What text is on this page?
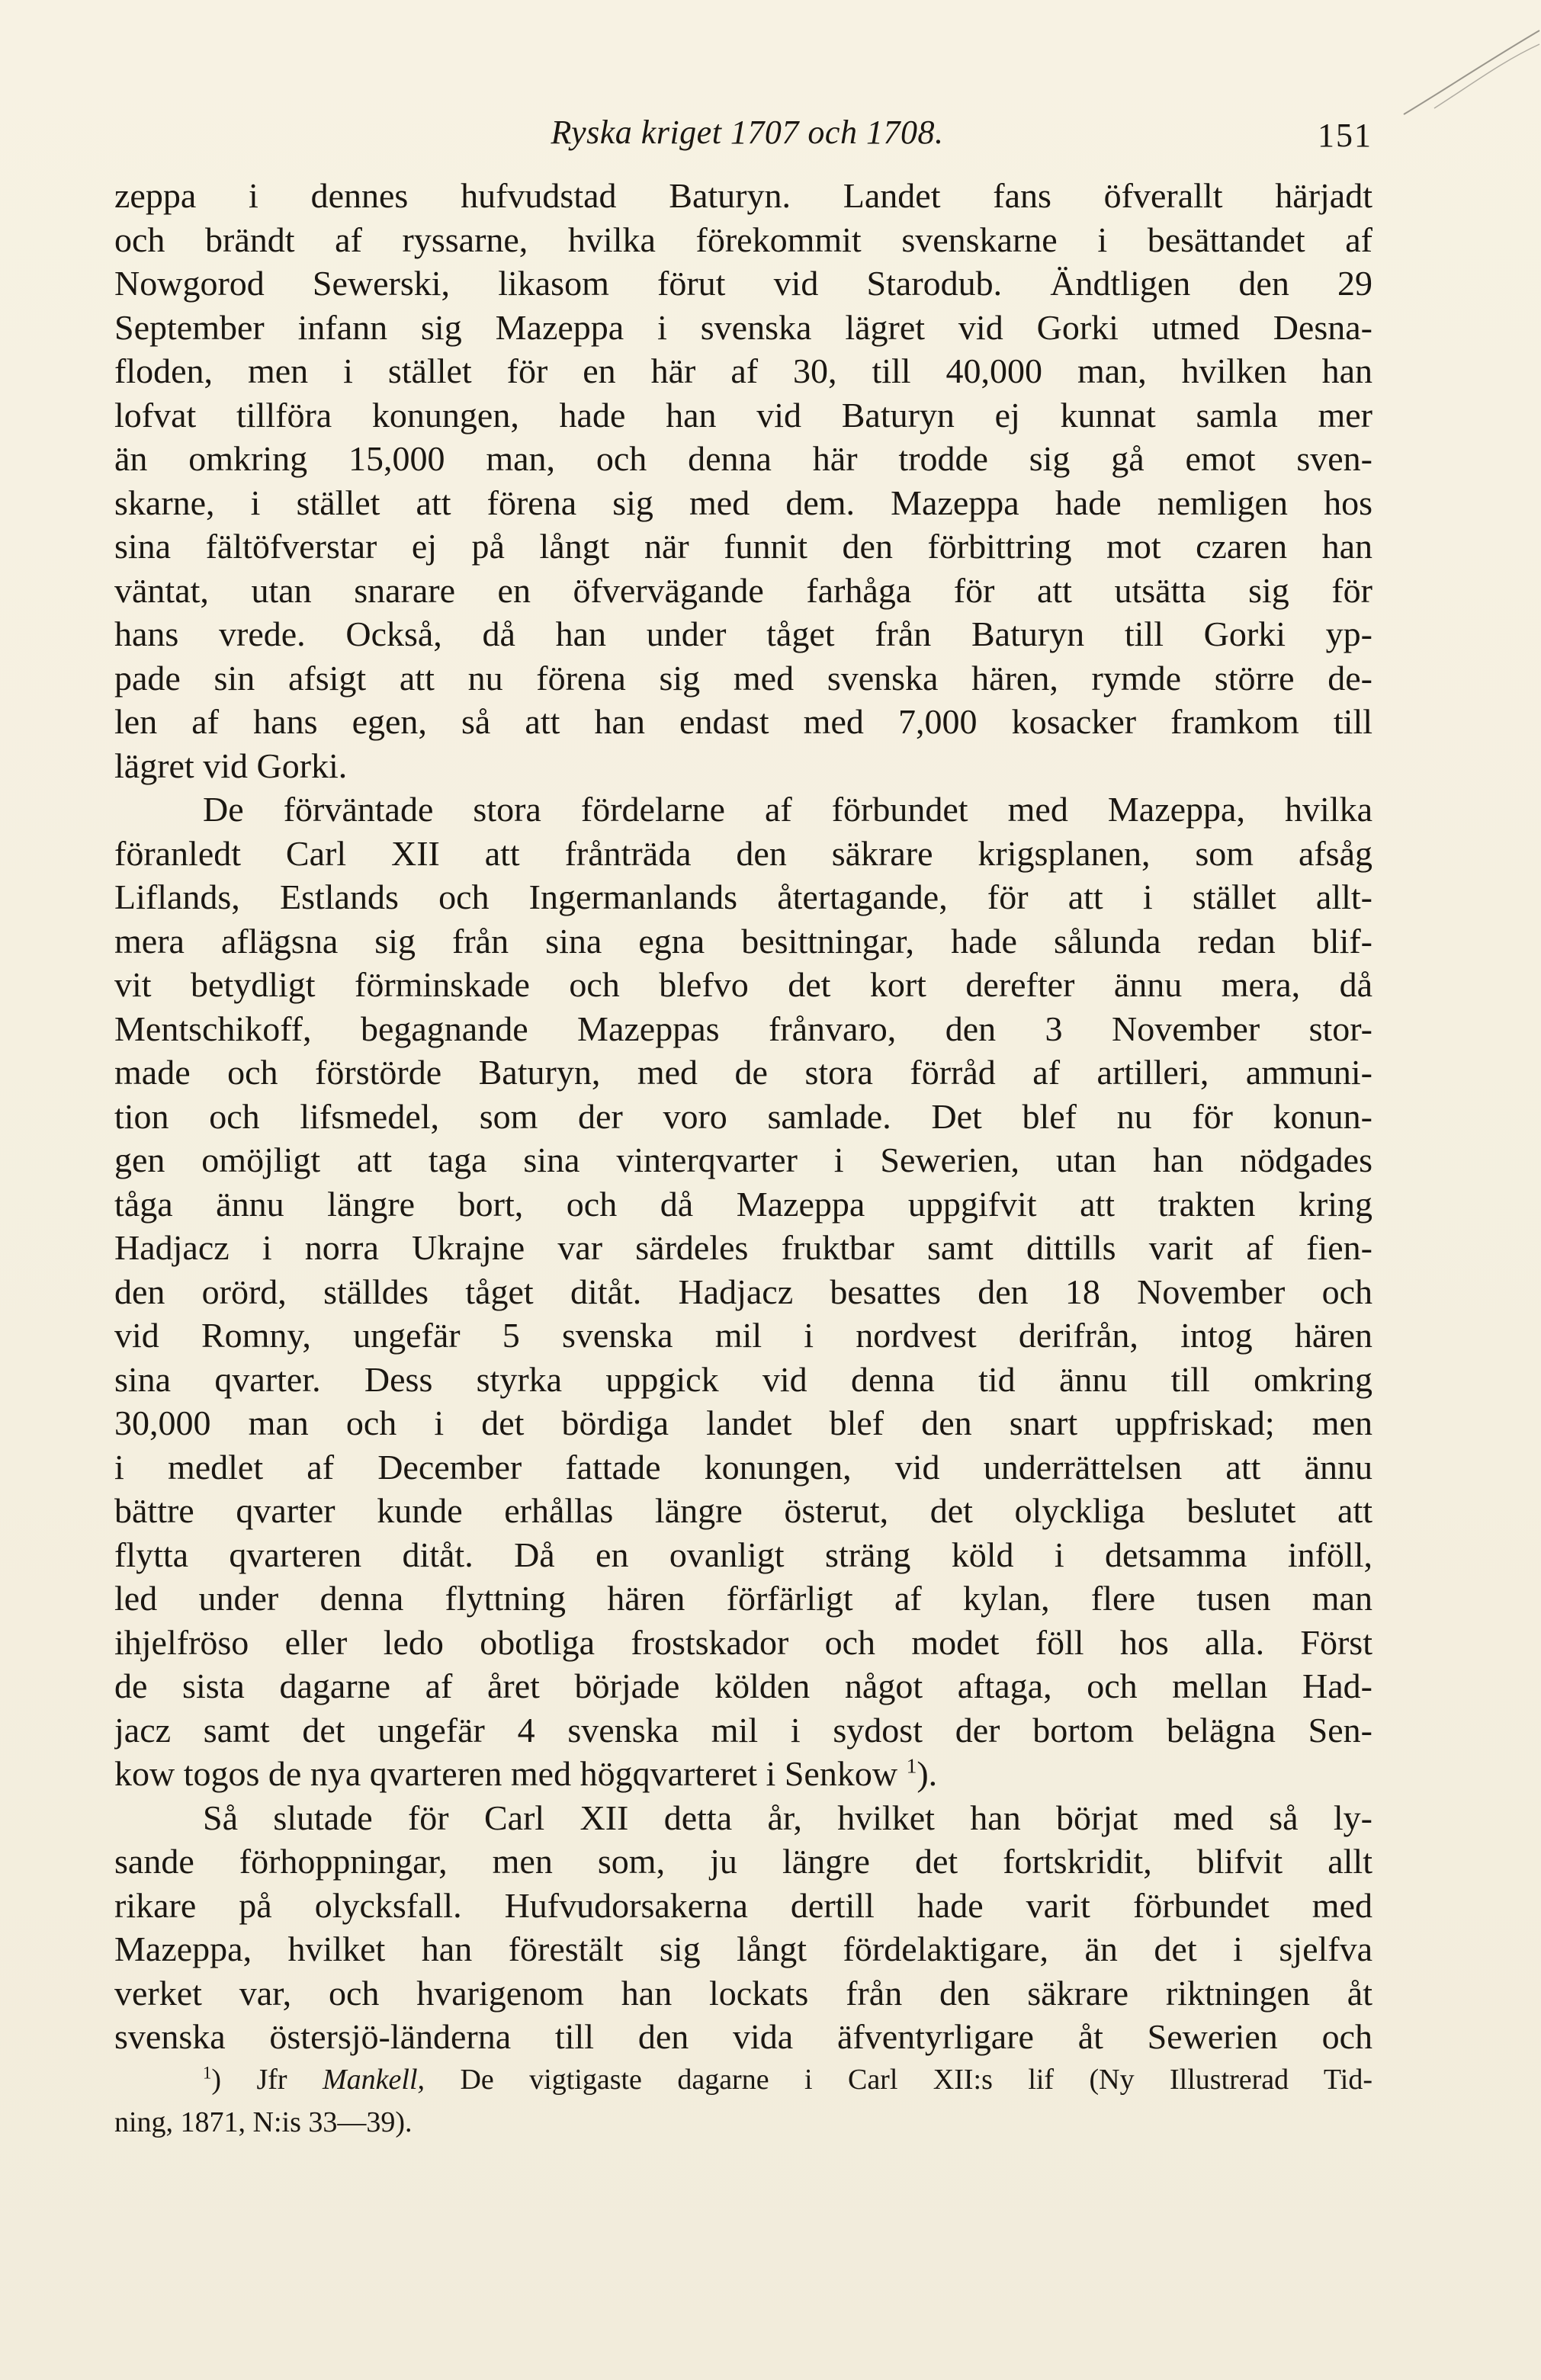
Ryska kriget 1707 och 1708.	151
zeppa i dennes hufvudstad Baturyn. Landet fans öfverallt härjadt
och brändt af ryssarne, hvilka förekommit svenskarne i besättandet af
Nowgorod Sewerski, likasom förut vid Starodub. Ändtligen den 29
September infann sig Mazeppa i svenska lägret vid Gorki utmed Desna-
floden, men i stället för en här af 30, till 40,000 man, hvilken han
lofvat tillföra konungen, hade han vid Baturyn ej kunnat samla mer
än omkring 15,000 man, och denna här trodde sig gå emot sven-
skarne, i stället att förena sig med dem. Mazeppa hade nemligen hos
sina fältöfverstar ej på långt när funnit den förbittring mot czaren han
väntat, utan snarare en öfvervägande farhåga för att utsätta sig för
hans vrede. Också, då han under tåget från Baturyn till Gorki yp-
pade sin afsigt att nu förena sig med svenska hären, rymde större de-
len af hans egen, så att han endast med 7,000 kosacker framkom till
lägret vid Gorki.
De förväntade stora fördelarne af förbundet med Mazeppa, hvilka
föranledt Carl XII att frånträda den säkrare krigsplanen, som afsåg
Liflands, Estlands och Ingermanlands återtagande, för att i stället allt-
mera aflägsna sig från sina egna besittningar, hade sålunda redan blif-
vit betydligt förminskade och blefvo det kort derefter ännu mera, då
Mentschikoff, begagnande Mazeppas frånvaro, den 3 November stor-
made och förstörde Baturyn, med de stora förråd af artilleri, ammuni-
tion och lifsmedel, som der voro samlade. Det blef nu för konun-
gen omöjligt att taga sina vinterqvarter i Sewerien, utan han nödgades
tåga ännu längre bort, och då Mazeppa uppgifvit att trakten kring
Hadjacz i norra Ukrajne var särdeles fruktbar samt dittills varit af fien-
den orörd, ställdes tåget ditåt. Hadjacz besattes den 18 November och
vid Romny, ungefär 5 svenska mil i nordvest derifrån, intog hären
sina qvarter. Dess styrka uppgick vid denna tid ännu till omkring
30,000 man och i det bördiga landet blef den snart uppfriskad; men
i medlet af December fattade konungen, vid underrättelsen att ännu
bättre qvarter kunde erhållas längre österut, det olyckliga beslutet att
flytta qvarteren ditåt. Då en ovanligt sträng köld i detsamma inföll,
led under denna flyttning hären förfärligt af kylan, flere tusen man
ihjelfröso eller ledo obotliga frostskador och modet föll hos alla. Först
de sista dagarne af året började kölden något aftaga, och mellan Had-
jacz samt det ungefär 4 svenska mil i sydost der bortom belägna Sen-
kow togos de nya qvarteren med högqvarteret i Senkow $^1$).
Så slutade för Carl XII detta år, hvilket han börjat med så ly-
sande förhoppningar, men som, ju längre det fortskridit, blifvit allt
rikare på olycksfall. Hufvudorsakerna dertill hade varit förbundet med
Mazeppa, hvilket han förestält sig långt fördelaktigare, än det i sjelfva
verket var, och hvarigenom han lockats från den säkrare riktningen åt
svenska östersjö-länderna till den vida äfventyrligare åt Sewerien och
$^1$) Jfr Mankell, De vigtigaste dagarne i Carl XII:s lif (Ny Illustrerad Tid-
ning, 1871, N:is 33—39).
